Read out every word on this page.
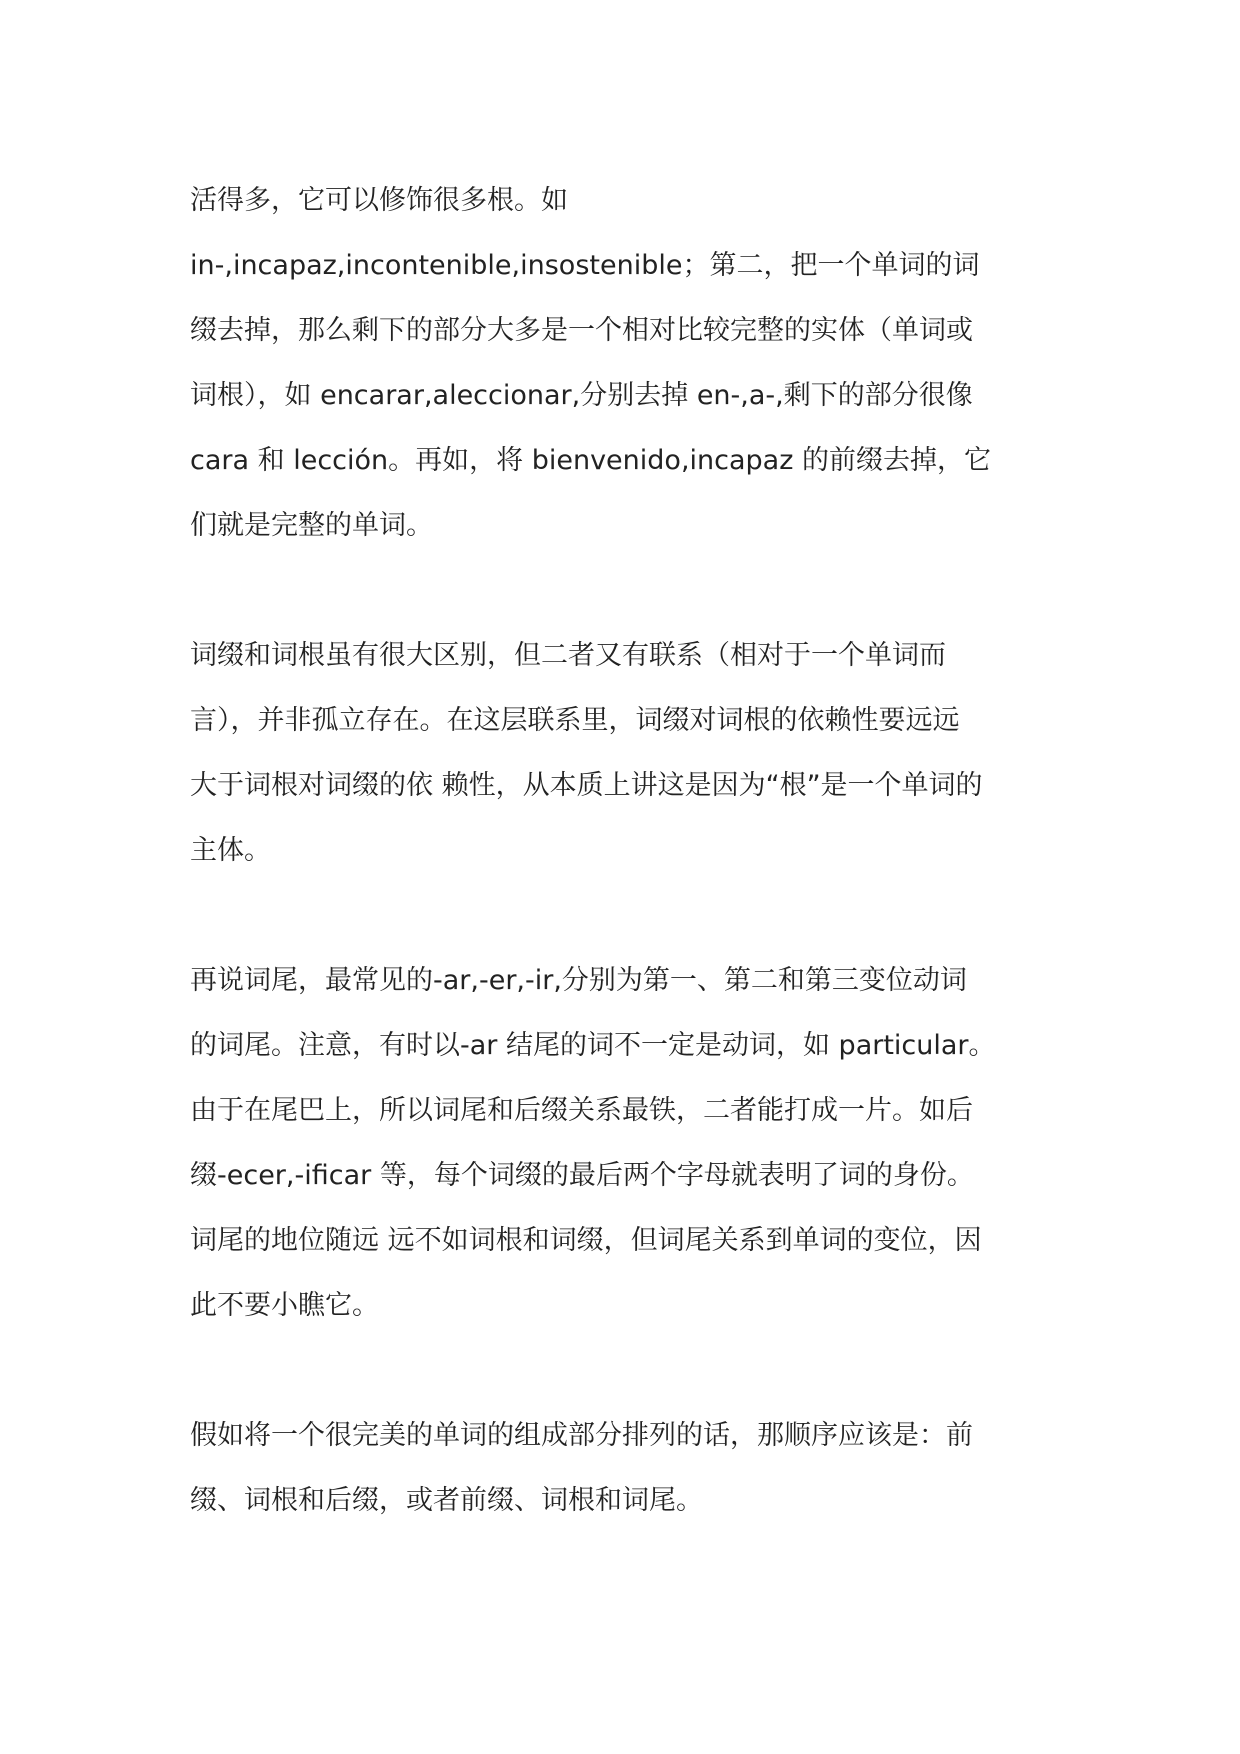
活得多，它可以修饰很多根。如
in-,incapaz,incontenible,insostenible；第二，把一个单词的词
缀去掉，那么剩下的部分大多是一个相对比较完整的实体（单词或
词根），如 encarar,aleccionar,分别去掉 en-,a-,剩下的部分很像
cara 和 lección。再如，将 bienvenido,incapaz 的前缀去掉，它
们就是完整的单词。
词缀和词根虽有很大区别，但二者又有联系（相对于一个单词而
言），并非孤立存在。在这层联系里，词缀对词根的依赖性要远远
大于词根对词缀的依 赖性，从本质上讲这是因为“根”是一个单词的
主体。
再说词尾，最常见的-ar,-er,-ir,分别为第一、第二和第三变位动词
的词尾。注意，有时以-ar 结尾的词不一定是动词，如 particular。
由于在尾巴上，所以词尾和后缀关系最铁，二者能打成一片。如后
缀-ecer,-ificar 等，每个词缀的最后两个字母就表明了词的身份。
词尾的地位随远 远不如词根和词缀，但词尾关系到单词的变位，因
此不要小瞧它。
假如将一个很完美的单词的组成部分排列的话，那顺序应该是：前
缀、词根和后缀，或者前缀、词根和词尾。
